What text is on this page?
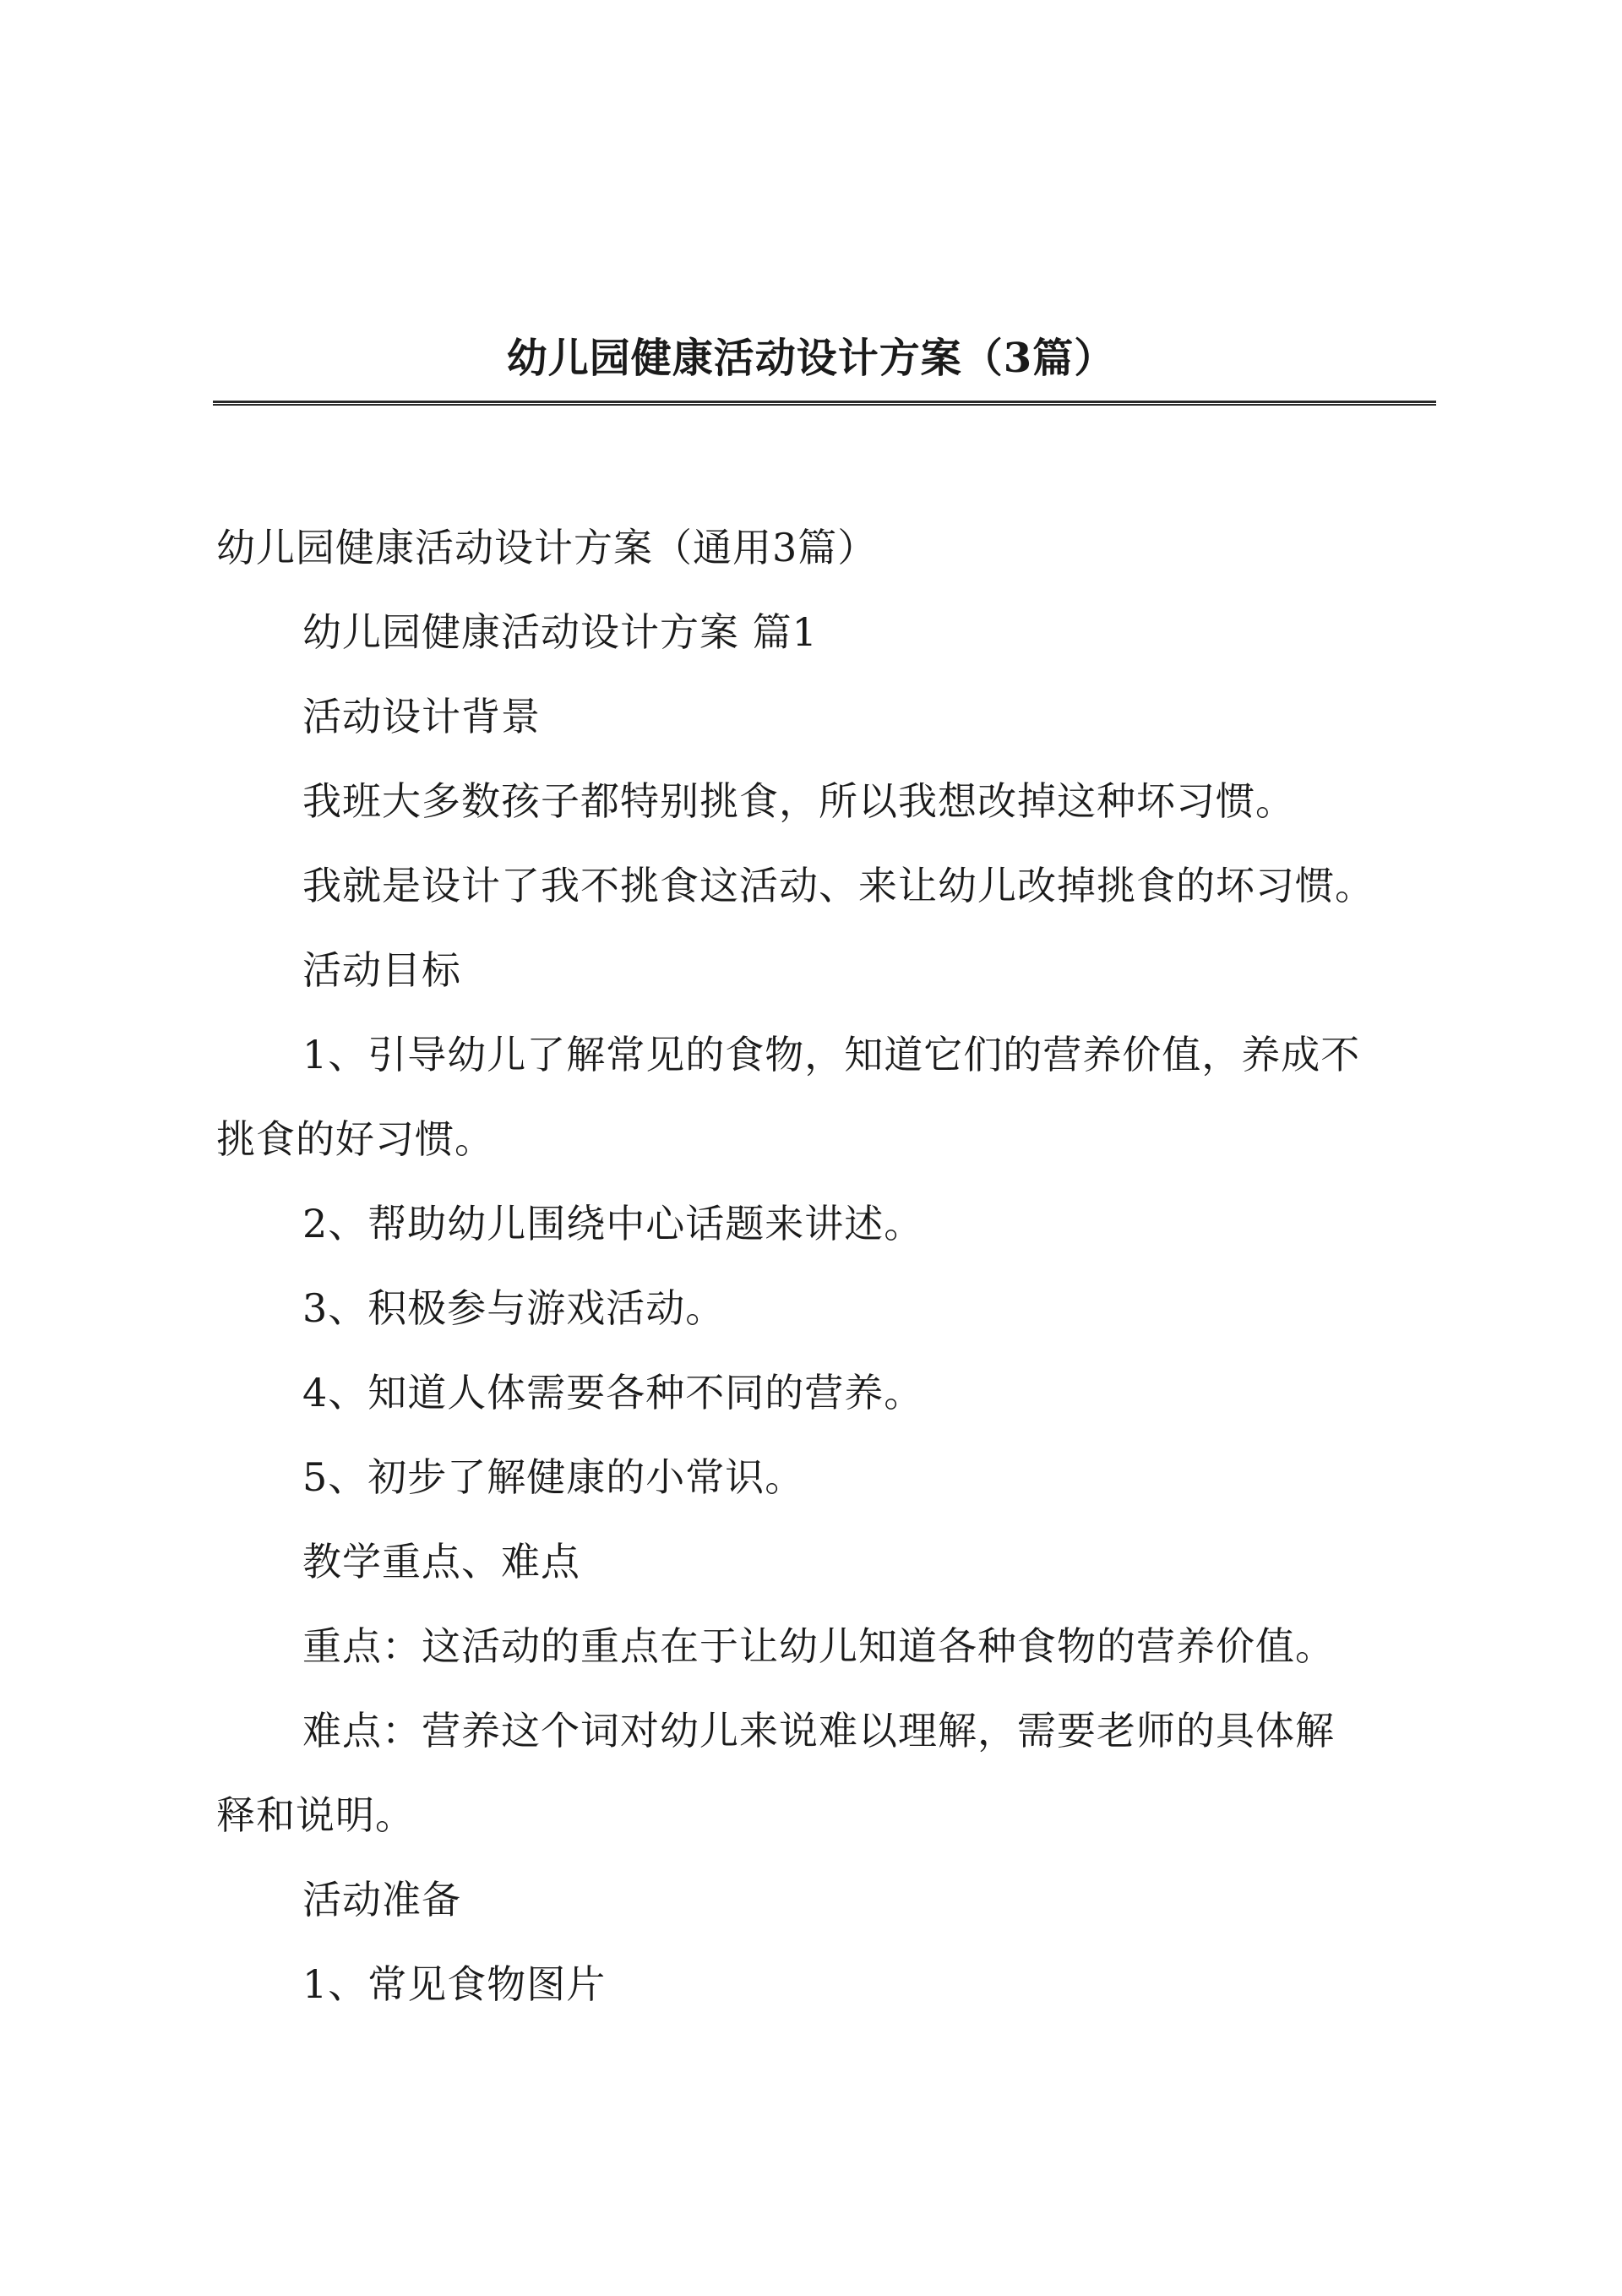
幼儿园健康活动设计方案（3篇）
幼儿园健康活动设计方案（通用3篇）
幼儿园健康活动设计方案 篇1
活动设计背景
我班大多数孩子都特别挑食，所以我想改掉这种坏习惯。
我就是设计了我不挑食这活动、来让幼儿改掉挑食的坏习惯。
活动目标
1、引导幼儿了解常见的食物，知道它们的营养价值，养成不
挑食的好习惯。
2、帮助幼儿围绕中心话题来讲述。
3、积极参与游戏活动。
4、知道人体需要各种不同的营养。
5、初步了解健康的小常识。
教学重点、难点
重点：这活动的重点在于让幼儿知道各种食物的营养价值。
难点：营养这个词对幼儿来说难以理解，需要老师的具体解
释和说明。
活动准备
1、常见食物图片
